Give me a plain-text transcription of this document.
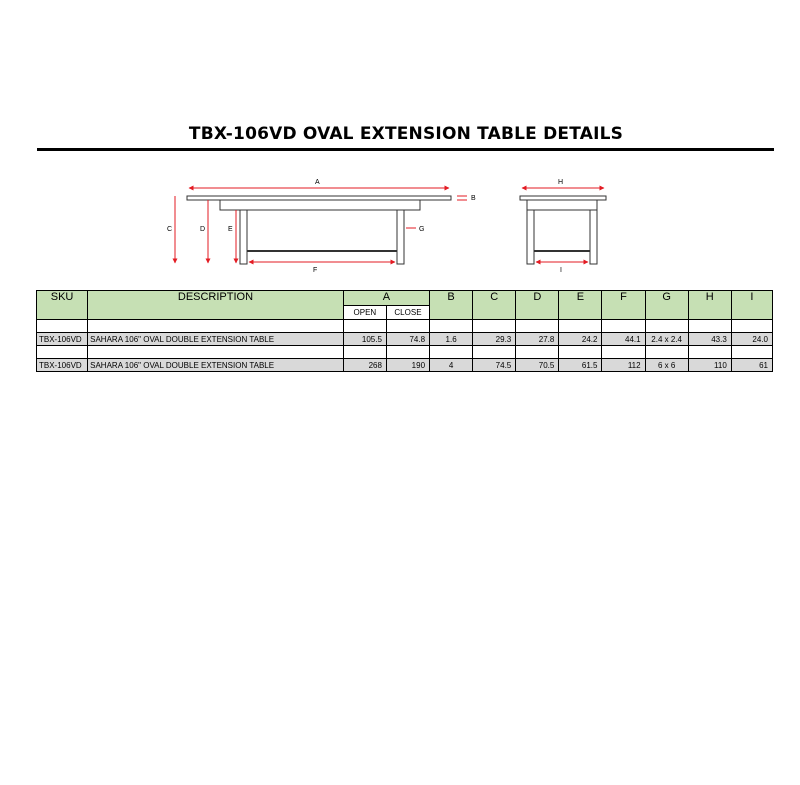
TBX-106VD OVAL EXTENSION TABLE DETAILS
A
B
C	D	E
F
G
H
I
SKU	DESCRIPTION	A		B	C	D	E	F	G	H	I
		OPEN	CLOSE								

TBX-106VD	SAHARA 106" OVAL DOUBLE EXTENSION TABLE	105.5	74.8	1.6	29.3	27.8	24.2	44.1	2.4 x 2.4	43.3	24.0

TBX-106VD	SAHARA 106" OVAL DOUBLE EXTENSION TABLE	268	190	4	74.5	70.5	61.5	112	6 x 6	110	61
